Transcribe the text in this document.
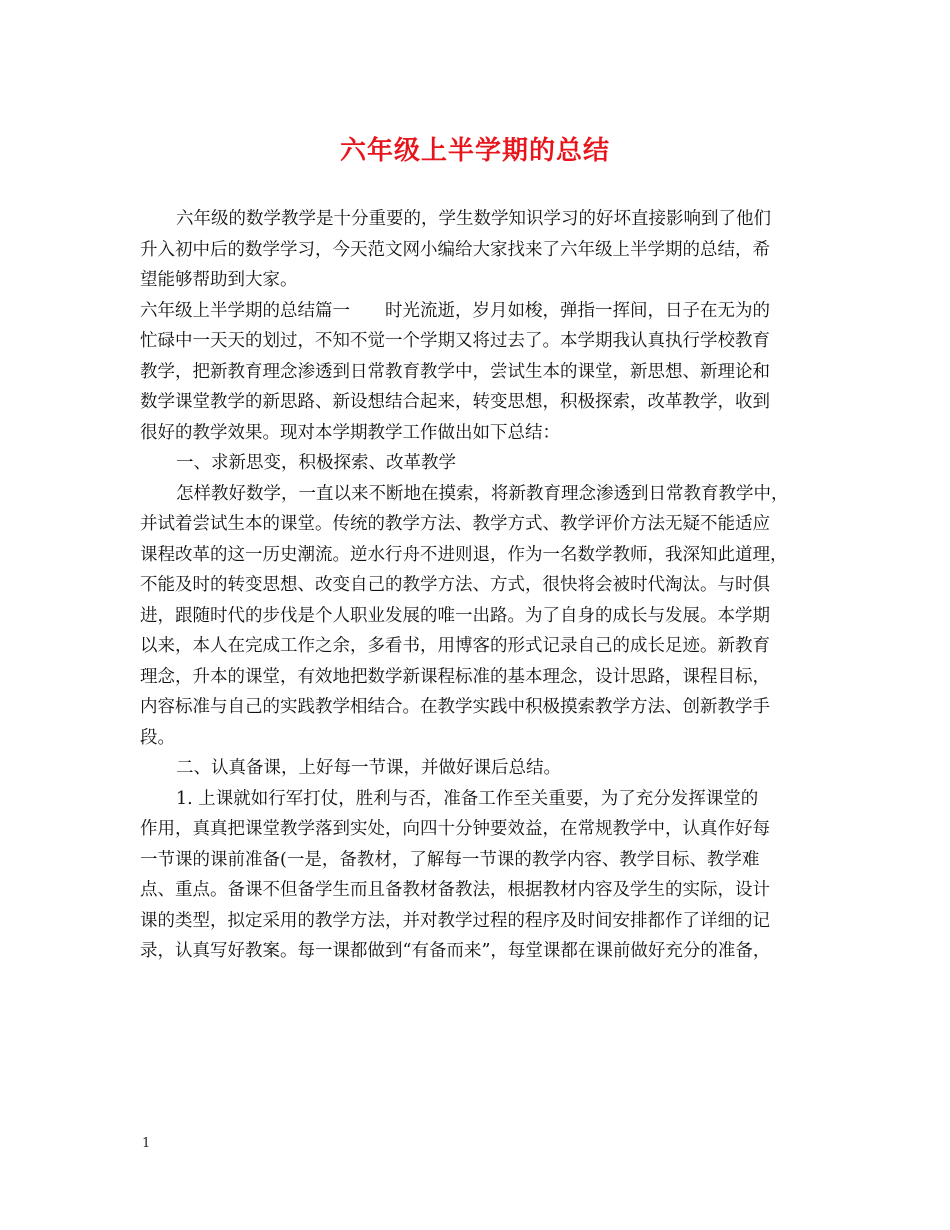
六年级上半学期的总结
六年级的数学教学是十分重要的，学生数学知识学习的好坏直接影响到了他们
升入初中后的数学学习，今天范文网小编给大家找来了六年级上半学期的总结，希
望能够帮助到大家。
六年级上半学期的总结篇一　　时光流逝，岁月如梭，弹指一挥间，日子在无为的
忙碌中一天天的划过，不知不觉一个学期又将过去了。本学期我认真执行学校教育
教学，把新教育理念渗透到日常教育教学中，尝试生本的课堂，新思想、新理论和
数学课堂教学的新思路、新设想结合起来，转变思想，积极探索，改革教学，收到
很好的教学效果。现对本学期教学工作做出如下总结：
一、求新思变，积极探索、改革教学
怎样教好数学，一直以来不断地在摸索，将新教育理念渗透到日常教育教学中，
并试着尝试生本的课堂。传统的教学方法、教学方式、教学评价方法无疑不能适应
课程改革的这一历史潮流。逆水行舟不进则退，作为一名数学教师，我深知此道理，
不能及时的转变思想、改变自己的教学方法、方式，很快将会被时代淘汰。与时俱
进，跟随时代的步伐是个人职业发展的唯一出路。为了自身的成长与发展。本学期
以来，本人在完成工作之余，多看书，用博客的形式记录自己的成长足迹。新教育
理念，升本的课堂，有效地把数学新课程标准的基本理念，设计思路，课程目标，
内容标准与自己的实践教学相结合。在教学实践中积极摸索教学方法、创新教学手
段。
二、认真备课，上好每一节课，并做好课后总结。
1. 上课就如行军打仗，胜利与否，准备工作至关重要，为了充分发挥课堂的
作用，真真把课堂教学落到实处，向四十分钟要效益，在常规教学中，认真作好每
一节课的课前准备(一是，备教材，了解每一节课的教学内容、教学目标、教学难
点、重点。备课不但备学生而且备教材备教法，根据教材内容及学生的实际，设计
课的类型，拟定采用的教学方法，并对教学过程的程序及时间安排都作了详细的记
录，认真写好教案。每一课都做到“有备而来”，每堂课都在课前做好充分的准备，
1
